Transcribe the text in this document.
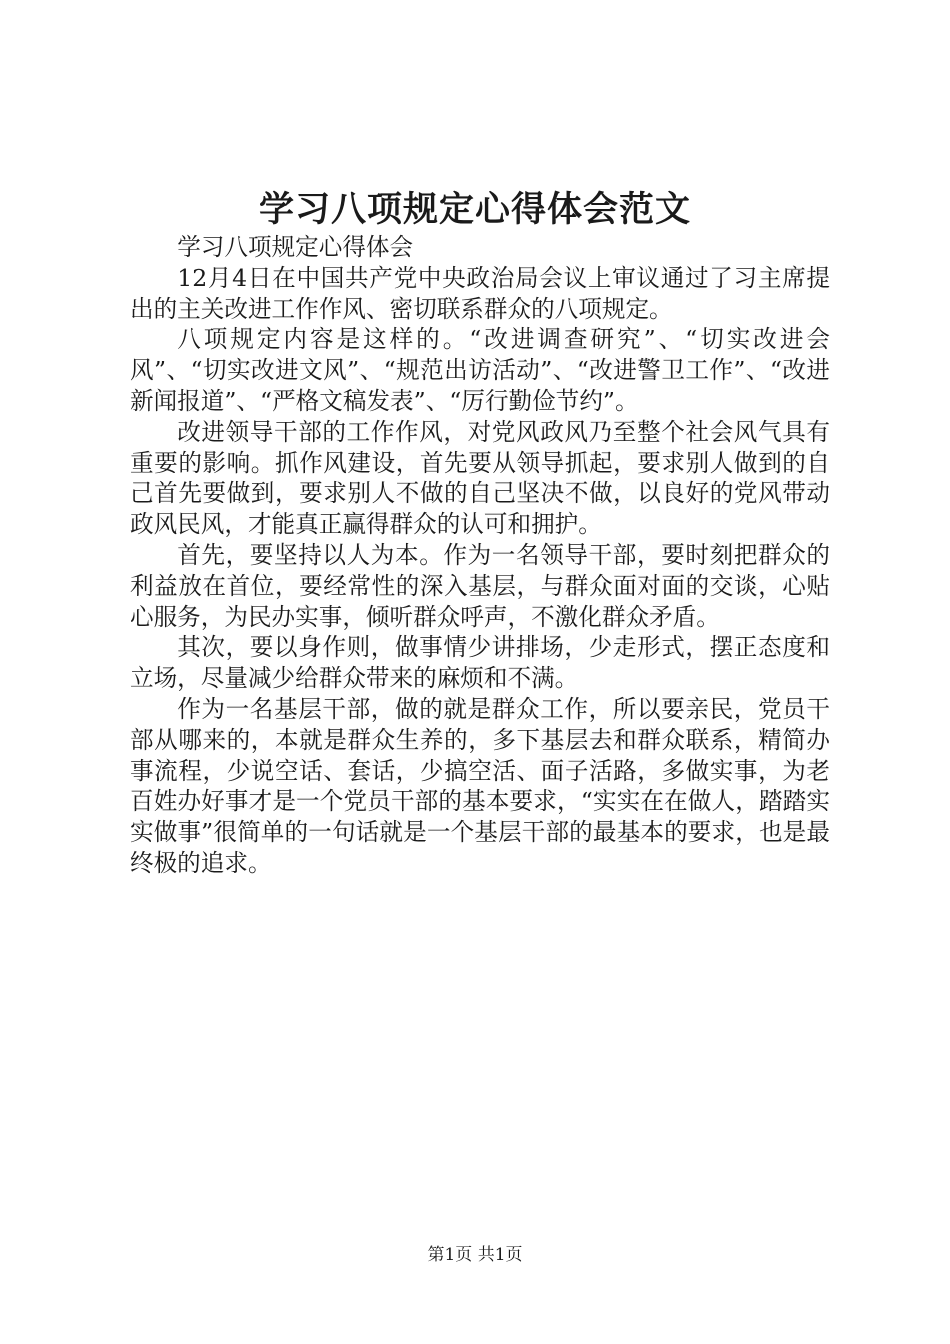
学习八项规定心得体会范文

学习八项规定心得体会

12月4日在中国共产党中央政治局会议上审议通过了习主席提出的主关改进工作作风、密切联系群众的八项规定。

八项规定内容是这样的。“改进调查研究”、“切实改进会风”、“切实改进文风”、“规范出访活动”、“改进警卫工作”、“改进新闻报道”、“严格文稿发表”、“厉行勤俭节约”。

改进领导干部的工作作风，对党风政风乃至整个社会风气具有重要的影响。抓作风建设，首先要从领导抓起，要求别人做到的自己首先要做到，要求别人不做的自己坚决不做，以良好的党风带动政风民风，才能真正赢得群众的认可和拥护。

首先，要坚持以人为本。作为一名领导干部，要时刻把群众的利益放在首位，要经常性的深入基层，与群众面对面的交谈，心贴心服务，为民办实事，倾听群众呼声，不激化群众矛盾。

其次，要以身作则，做事情少讲排场，少走形式，摆正态度和立场，尽量减少给群众带来的麻烦和不满。

作为一名基层干部，做的就是群众工作，所以要亲民，党员干部从哪来的，本就是群众生养的，多下基层去和群众联系，精简办事流程，少说空话、套话，少搞空活、面子活路，多做实事，为老百姓办好事才是一个党员干部的基本要求，“实实在在做人，踏踏实实做事”很简单的一句话就是一个基层干部的最基本的要求，也是最终极的追求。

第1页 共1页
